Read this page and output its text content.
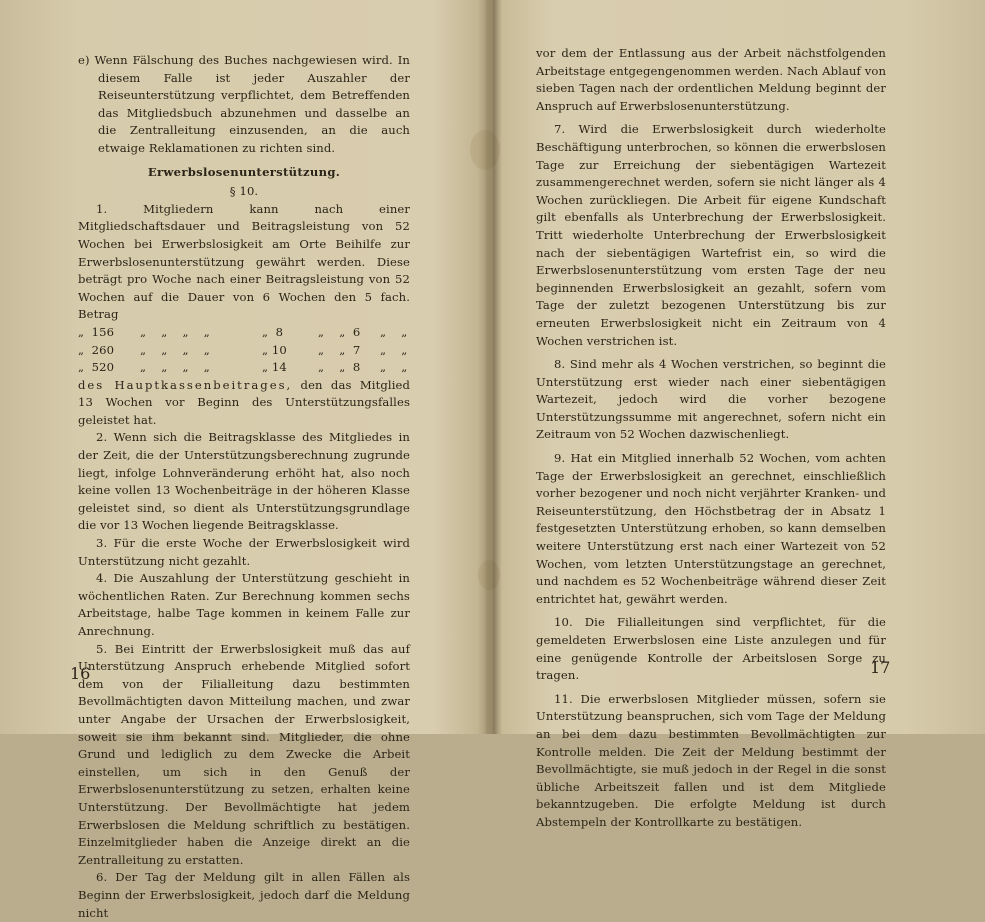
e) Wenn Fälschung des Buches nachgewiesen wird. In diesem Falle ist jeder Auszahler der Reiseunterstützung verpflichtet, dem Betreffenden das Mitgliedsbuch abzunehmen und dasselbe an die Zentralleitung einzusenden, an die auch etwaige Reklamationen zu richten sind.

Erwerbslosenunterstützung.

§ 10.

1. Mitgliedern kann nach einer Mitgliedschaftsdauer und Beitragsleistung von 52 Wochen bei Erwerbslosigkeit am Orte Beihilfe zur Erwerbslosenunterstützung gewährt werden. Diese beträgt pro Woche nach einer Beitragsleistung von 52 Wochen auf die Dauer von 6 Wochen den 5 fach. Betrag

„  156	„    „    „    „	„  8	„    „  6	„    „
„  260	„    „    „    „	„ 10	„    „  7	„    „
„  520	„    „    „    „	„ 14	„    „  8	„    „

des Hauptkassenbeitrages, den das Mitglied 13 Wochen vor Beginn des Unterstützungsfalles geleistet hat.

2. Wenn sich die Beitragsklasse des Mitgliedes in der Zeit, die der Unterstützungsberechnung zugrunde liegt, infolge Lohnveränderung erhöht hat, also noch keine vollen 13 Wochenbeiträge in der höheren Klasse geleistet sind, so dient als Unterstützungsgrundlage die vor 13 Wochen liegende Beitragsklasse.

3. Für die erste Woche der Erwerbslosigkeit wird Unterstützung nicht gezahlt.

4. Die Auszahlung der Unterstützung geschieht in wöchentlichen Raten. Zur Berechnung kommen sechs Arbeitstage, halbe Tage kommen in keinem Falle zur Anrechnung.

5. Bei Eintritt der Erwerbslosigkeit muß das auf Unterstützung Anspruch erhebende Mitglied sofort dem von der Filialleitung dazu bestimmten Bevollmächtigten davon Mitteilung machen, und zwar unter Angabe der Ursachen der Erwerbslosigkeit, soweit sie ihm bekannt sind. Mitglieder, die ohne Grund und lediglich zu dem Zwecke die Arbeit einstellen, um sich in den Genuß der Erwerbslosenunterstützung zu setzen, erhalten keine Unterstützung. Der Bevollmächtigte hat jedem Erwerbslosen die Meldung schriftlich zu bestätigen. Einzelmitglieder haben die Anzeige direkt an die Zentralleitung zu erstatten.

6. Der Tag der Meldung gilt in allen Fällen als Beginn der Erwerbslosigkeit, jedoch darf die Meldung nicht

16

vor dem der Entlassung aus der Arbeit nächstfolgenden Arbeitstage entgegengenommen werden. Nach Ablauf von sieben Tagen nach der ordentlichen Meldung beginnt der Anspruch auf Erwerbslosenunterstützung.

7. Wird die Erwerbslosigkeit durch wiederholte Beschäftigung unterbrochen, so können die erwerbslosen Tage zur Erreichung der siebentägigen Wartezeit zusammengerechnet werden, sofern sie nicht länger als 4 Wochen zurückliegen. Die Arbeit für eigene Kundschaft gilt ebenfalls als Unterbrechung der Erwerbslosigkeit. Tritt wiederholte Unterbrechung der Erwerbslosigkeit nach der siebentägigen Wartefrist ein, so wird die Erwerbslosenunterstützung vom ersten Tage der neu beginnenden Erwerbslosigkeit an gezahlt, sofern vom Tage der zuletzt bezogenen Unterstützung bis zur erneuten Erwerbslosigkeit nicht ein Zeitraum von 4 Wochen verstrichen ist.

8. Sind mehr als 4 Wochen verstrichen, so beginnt die Unterstützung erst wieder nach einer siebentägigen Wartezeit, jedoch wird die vorher bezogene Unterstützungssumme mit angerechnet, sofern nicht ein Zeitraum von 52 Wochen dazwischenliegt.

9. Hat ein Mitglied innerhalb 52 Wochen, vom achten Tage der Erwerbslosigkeit an gerechnet, einschließlich vorher bezogener und noch nicht verjährter Kranken- und Reiseunterstützung, den Höchstbetrag der in Absatz 1 festgesetzten Unterstützung erhoben, so kann demselben weitere Unterstützung erst nach einer Wartezeit von 52 Wochen, vom letzten Unterstützungstage an gerechnet, und nachdem es 52 Wochenbeiträge während dieser Zeit entrichtet hat, gewährt werden.

10. Die Filialleitungen sind verpflichtet, für die gemeldeten Erwerbslosen eine Liste anzulegen und für eine genügende Kontrolle der Arbeitslosen Sorge zu tragen.

11. Die erwerbslosen Mitglieder müssen, sofern sie Unterstützung beanspruchen, sich vom Tage der Meldung an bei dem dazu bestimmten Bevollmächtigten zur Kontrolle melden. Die Zeit der Meldung bestimmt der Bevollmächtigte, sie muß jedoch in der Regel in die sonst übliche Arbeitszeit fallen und ist dem Mitgliede bekanntzugeben. Die erfolgte Meldung ist durch Abstempeln der Kontrollkarte zu bestätigen.

17
